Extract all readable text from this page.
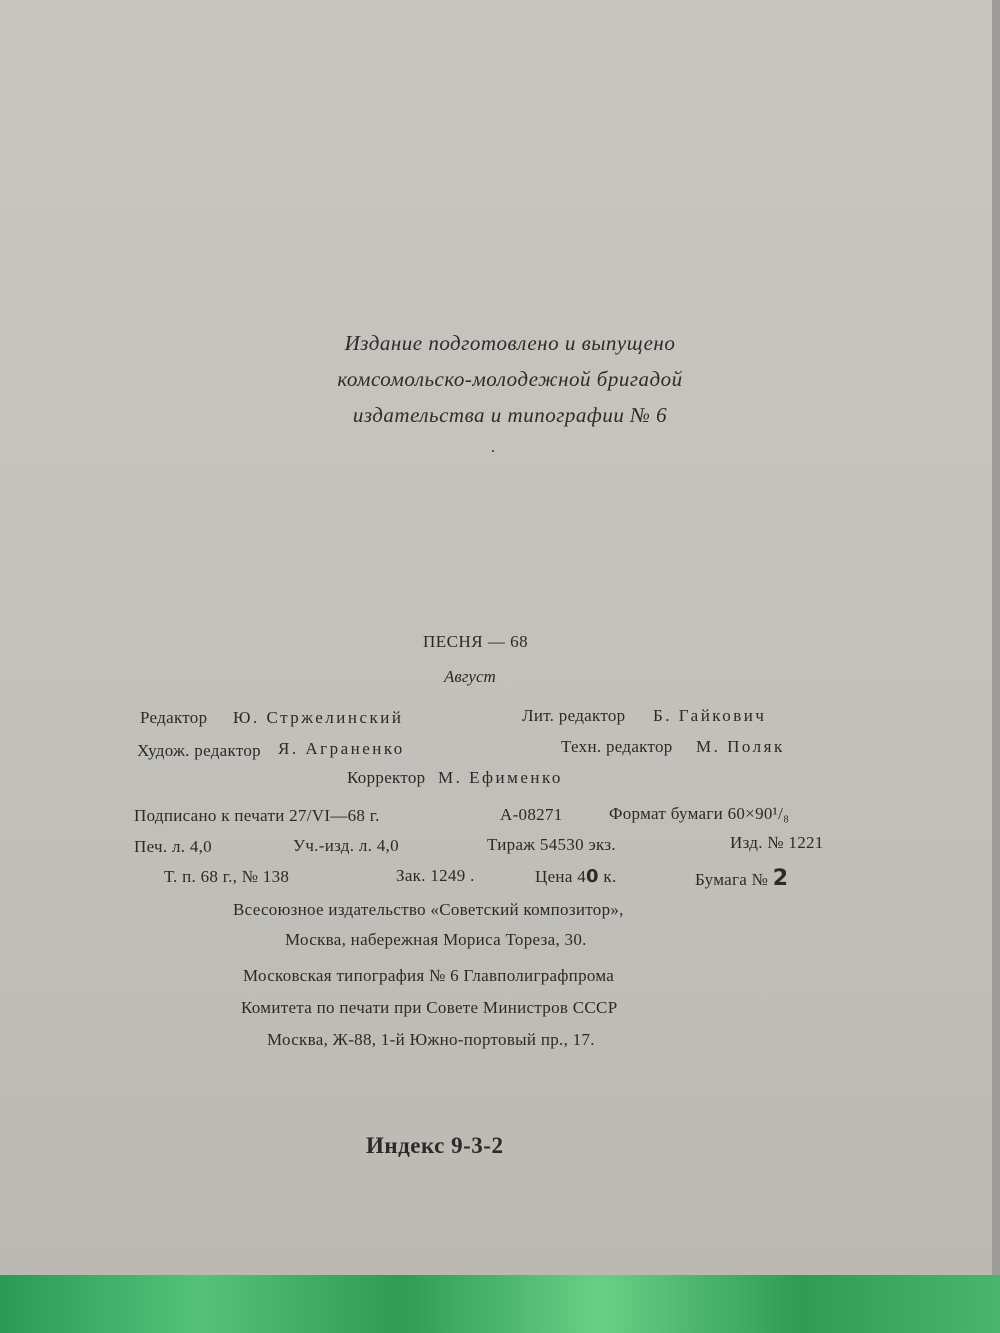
Издание подготовлено и выпущено
комсомольско-молодежной бригадой
издательства и типографии № 6
ПЕСНЯ — 68
Август
Редактор Ю. Стржелинский	Лит. редактор Б. Гайкович
Худож. редактор Я. Аграненко	Техн. редактор М. Поляк
Корректор М. Ефименко
Подписано к печати 27/VI—68 г.	А-08271	Формат бумаги 60×90¹/₈
Печ. л. 4,0	Уч.-изд. л. 4,0	Тираж 54530 экз.	Изд. № 1221
Т. п. 68 г., № 138	Зак. 1249 .	Цена 40 к.	Бумага № 2
Всесоюзное издательство «Советский композитор»,
Москва, набережная Мориса Тореза, 30.
Московская типография № 6 Главполиграфпрома
Комитета по печати при Совете Министров СССР
Москва, Ж-88, 1-й Южно-портовый пр., 17.
Индекс 9-3-2
